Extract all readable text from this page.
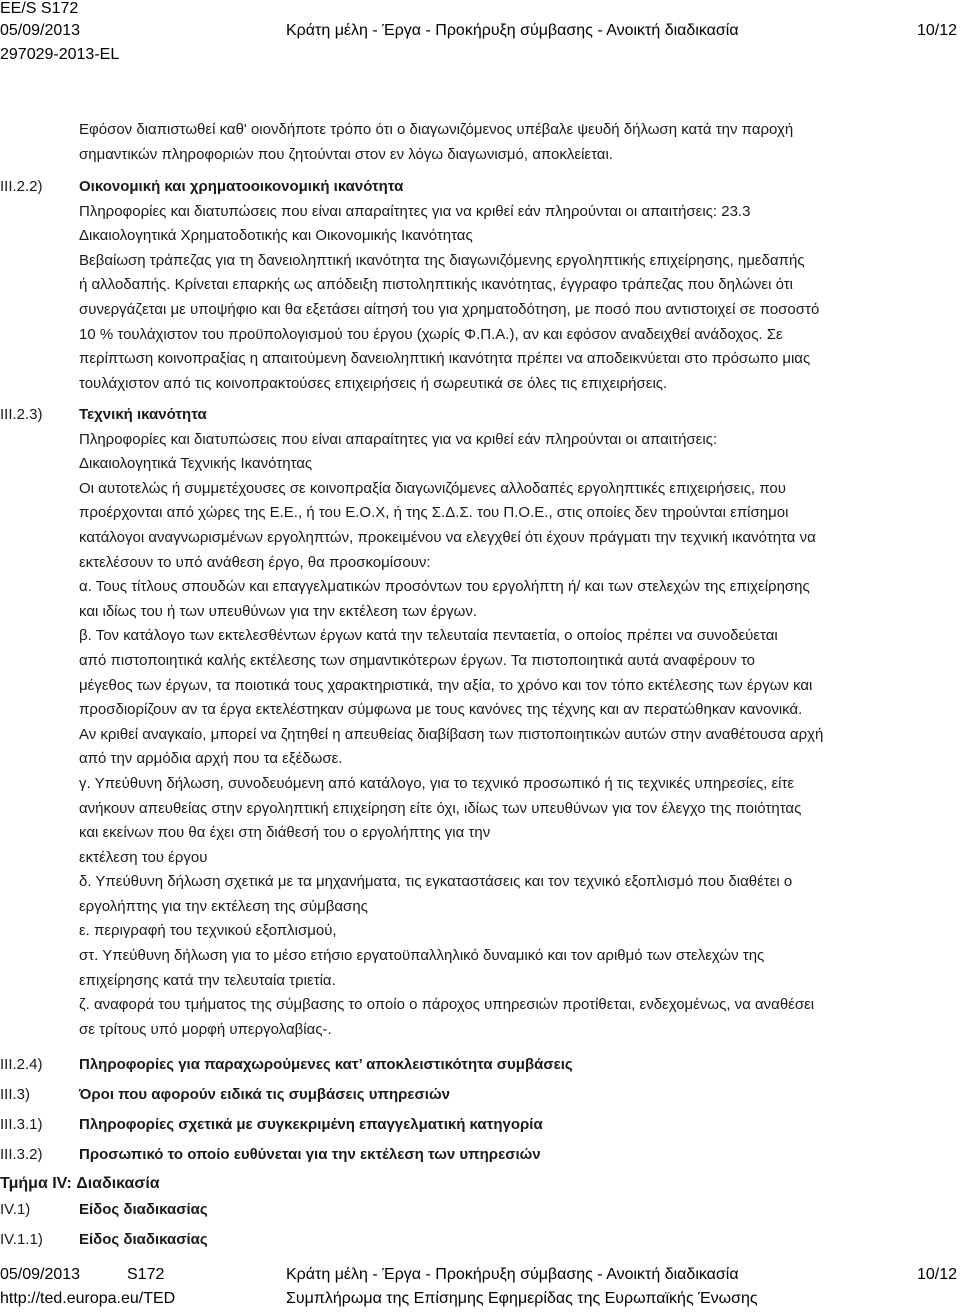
EE/S S172
05/09/2013	Κράτη μέλη - Έργα - Προκήρυξη σύμβασης - Ανοικτή διαδικασία	10/12
297029-2013-EL

Εφόσον διαπιστωθεί καθ' οιονδήποτε τρόπο ότι ο διαγωνιζόμενος υπέβαλε ψευδή δήλωση κατά την παροχή
σημαντικών πληροφοριών που ζητούνται στον εν λόγω διαγωνισμό, αποκλείεται.

III.2.2) Οικονομική και χρηματοοικονομική ικανότητα
Πληροφορίες και διατυπώσεις που είναι απαραίτητες για να κριθεί εάν πληρούνται οι απαιτήσεις: 23.3
Δικαιολογητικά Χρηματοδοτικής και Οικονομικής Ικανότητας
Βεβαίωση τράπεζας για τη δανειοληπτική ικανότητα της διαγωνιζόμενης εργοληπτικής επιχείρησης, ημεδαπής
ή αλλοδαπής. Κρίνεται επαρκής ως απόδειξη πιστοληπτικής ικανότητας, έγγραφο τράπεζας που δηλώνει ότι
συνεργάζεται με υποψήφιο και θα εξετάσει αίτησή του για χρηματοδότηση, με ποσό που αντιστοιχεί σε ποσοστό
10 % τουλάχιστον του προϋπολογισμού του έργου (χωρίς Φ.Π.Α.), αν και εφόσον αναδειχθεί ανάδοχος. Σε
περίπτωση κοινοπραξίας η απαιτούμενη δανειοληπτική ικανότητα πρέπει να αποδεικνύεται στο πρόσωπο μιας
τουλάχιστον από τις κοινοπρακτούσες επιχειρήσεις ή σωρευτικά σε όλες τις επιχειρήσεις.
III.2.3) Τεχνική ικανότητα
Πληροφορίες και διατυπώσεις που είναι απαραίτητες για να κριθεί εάν πληρούνται οι απαιτήσεις:
Δικαιολογητικά Τεχνικής Ικανότητας
Οι αυτοτελώς ή συμμετέχουσες σε κοινοπραξία διαγωνιζόμενες αλλοδαπές εργοληπτικές επιχειρήσεις, που
προέρχονται από χώρες της Ε.Ε., ή του Ε.Ο.Χ, ή της Σ.Δ.Σ. του Π.Ο.Ε., στις οποίες δεν τηρούνται επίσημοι
κατάλογοι αναγνωρισμένων εργοληπτών, προκειμένου να ελεγχθεί ότι έχουν πράγματι την τεχνική ικανότητα να
εκτελέσουν το υπό ανάθεση έργο, θα προσκομίσουν:
α. Τους τίτλους σπουδών και επαγγελματικών προσόντων του εργολήπτη ή/ και των στελεχών της επιχείρησης
και ιδίως του ή των υπευθύνων για την εκτέλεση των έργων.
β. Τον κατάλογο των εκτελεσθέντων έργων κατά την τελευταία πενταετία, ο οποίος πρέπει να συνοδεύεται
από πιστοποιητικά καλής εκτέλεσης των σημαντικότερων έργων. Τα πιστοποιητικά αυτά αναφέρουν το
μέγεθος των έργων, τα ποιοτικά τους χαρακτηριστικά, την αξία, το χρόνο και τον τόπο εκτέλεσης των έργων και
προσδιορίζουν αν τα έργα εκτελέστηκαν σύμφωνα με τους κανόνες της τέχνης και αν περατώθηκαν κανονικά.
Αν κριθεί αναγκαίο, μπορεί να ζητηθεί η απευθείας διαβίβαση των πιστοποιητικών αυτών στην αναθέτουσα αρχή
από την αρμόδια αρχή που τα εξέδωσε.
γ. Υπεύθυνη δήλωση, συνοδευόμενη από κατάλογο, για το τεχνικό προσωπικό ή τις τεχνικές υπηρεσίες, είτε
ανήκουν απευθείας στην εργοληπτική επιχείρηση είτε όχι, ιδίως των υπευθύνων για τον έλεγχο της ποιότητας
και εκείνων που θα έχει στη διάθεσή του ο εργολήπτης για την
εκτέλεση του έργου
δ. Υπεύθυνη δήλωση σχετικά με τα μηχανήματα, τις εγκαταστάσεις και τον τεχνικό εξοπλισμό που διαθέτει ο
εργολήπτης για την εκτέλεση της σύμβασης
ε. περιγραφή του τεχνικού εξοπλισμού,
στ. Υπεύθυνη δήλωση για το μέσο ετήσιο εργατοϋπαλληλικό δυναμικό και τον αριθμό των στελεχών της
επιχείρησης κατά την τελευταία τριετία.
ζ. αναφορά του τμήματος της σύμβασης το οποίο ο πάροχος υπηρεσιών προτίθεται, ενδεχομένως, να αναθέσει
σε τρίτους υπό μορφή υπεργολαβίας-.
III.2.4) Πληροφορίες για παραχωρούμενες κατ’ αποκλειστικότητα συμβάσεις
III.3)	Όροι που αφορούν ειδικά τις συμβάσεις υπηρεσιών
III.3.1) Πληροφορίες σχετικά με συγκεκριμένη επαγγελματική κατηγορία
III.3.2) Προσωπικό το οποίο ευθύνεται για την εκτέλεση των υπηρεσιών
Τμήμα IV: Διαδικασία
IV.1)	Είδος διαδικασίας
IV.1.1) Είδος διαδικασίας
05/09/2013	S172	Κράτη μέλη - Έργα - Προκήρυξη σύμβασης - Ανοικτή διαδικασία	10/12
http://ted.europa.eu/TED	Συμπλήρωμα της Επίσημης Εφημερίδας της Ευρωπαϊκής Ένωσης
